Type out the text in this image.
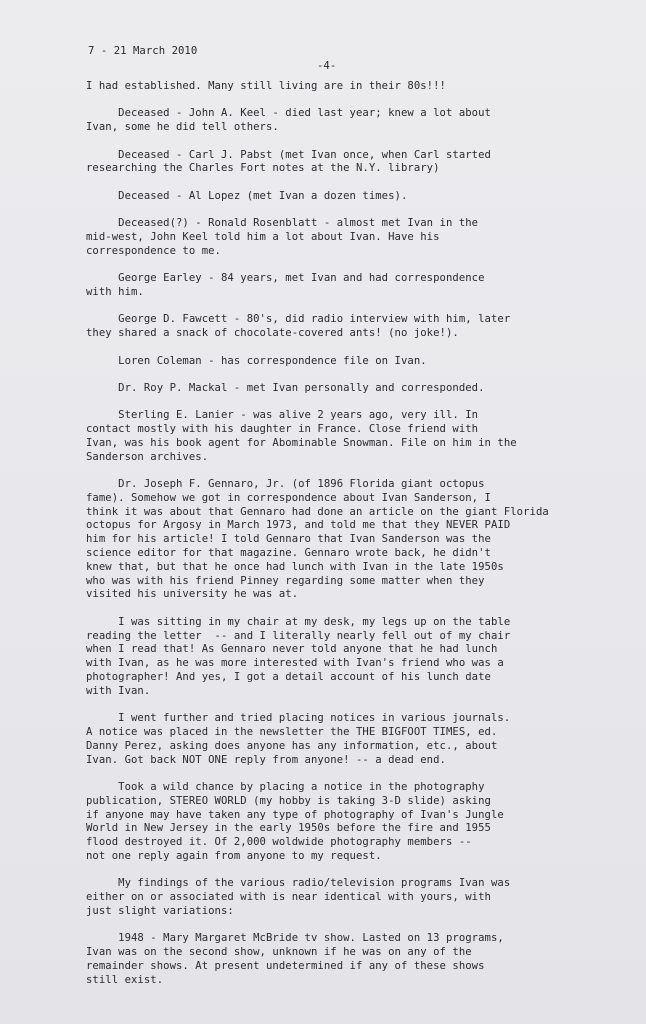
7 - 21 March 2010
-4-
I had established. Many still living are in their 80s!!!
Deceased - John A. Keel - died last year; knew a lot about
Ivan, some he did tell others.
Deceased - Carl J. Pabst (met Ivan once, when Carl started
researching the Charles Fort notes at the N.Y. library)
Deceased - Al Lopez (met Ivan a dozen times).
Deceased(?) - Ronald Rosenblatt - almost met Ivan in the
mid-west, John Keel told him a lot about Ivan. Have his
correspondence to me.
George Earley - 84 years, met Ivan and had correspondence
with him.
George D. Fawcett - 80's, did radio interview with him, later
they shared a snack of chocolate-covered ants! (no joke!).
Loren Coleman - has correspondence file on Ivan.
Dr. Roy P. Mackal - met Ivan personally and corresponded.
Sterling E. Lanier - was alive 2 years ago, very ill. In
contact mostly with his daughter in France. Close friend with
Ivan, was his book agent for Abominable Snowman. File on him in the
Sanderson archives.
Dr. Joseph F. Gennaro, Jr. (of 1896 Florida giant octopus
fame). Somehow we got in correspondence about Ivan Sanderson, I
think it was about that Gennaro had done an article on the giant Florida
octopus for Argosy in March 1973, and told me that they NEVER PAID
him for his article! I told Gennaro that Ivan Sanderson was the
science editor for that magazine. Gennaro wrote back, he didn't
knew that, but that he once had lunch with Ivan in the late 1950s
who was with his friend Pinney regarding some matter when they
visited his university he was at.
I was sitting in my chair at my desk, my legs up on the table
reading the letter  -- and I literally nearly fell out of my chair
when I read that! As Gennaro never told anyone that he had lunch
with Ivan, as he was more interested with Ivan's friend who was a
photographer! And yes, I got a detail account of his lunch date
with Ivan.
I went further and tried placing notices in various journals.
A notice was placed in the newsletter the THE BIGFOOT TIMES, ed.
Danny Perez, asking does anyone has any information, etc., about
Ivan. Got back NOT ONE reply from anyone! -- a dead end.
Took a wild chance by placing a notice in the photography
publication, STEREO WORLD (my hobby is taking 3-D slide) asking
if anyone may have taken any type of photography of Ivan's Jungle
World in New Jersey in the early 1950s before the fire and 1955
flood destroyed it. Of 2,000 woldwide photography members --
not one reply again from anyone to my request.
My findings of the various radio/television programs Ivan was
either on or associated with is near identical with yours, with
just slight variations:
1948 - Mary Margaret McBride tv show. Lasted on 13 programs,
Ivan was on the second show, unknown if he was on any of the
remainder shows. At present undetermined if any of these shows
still exist.
